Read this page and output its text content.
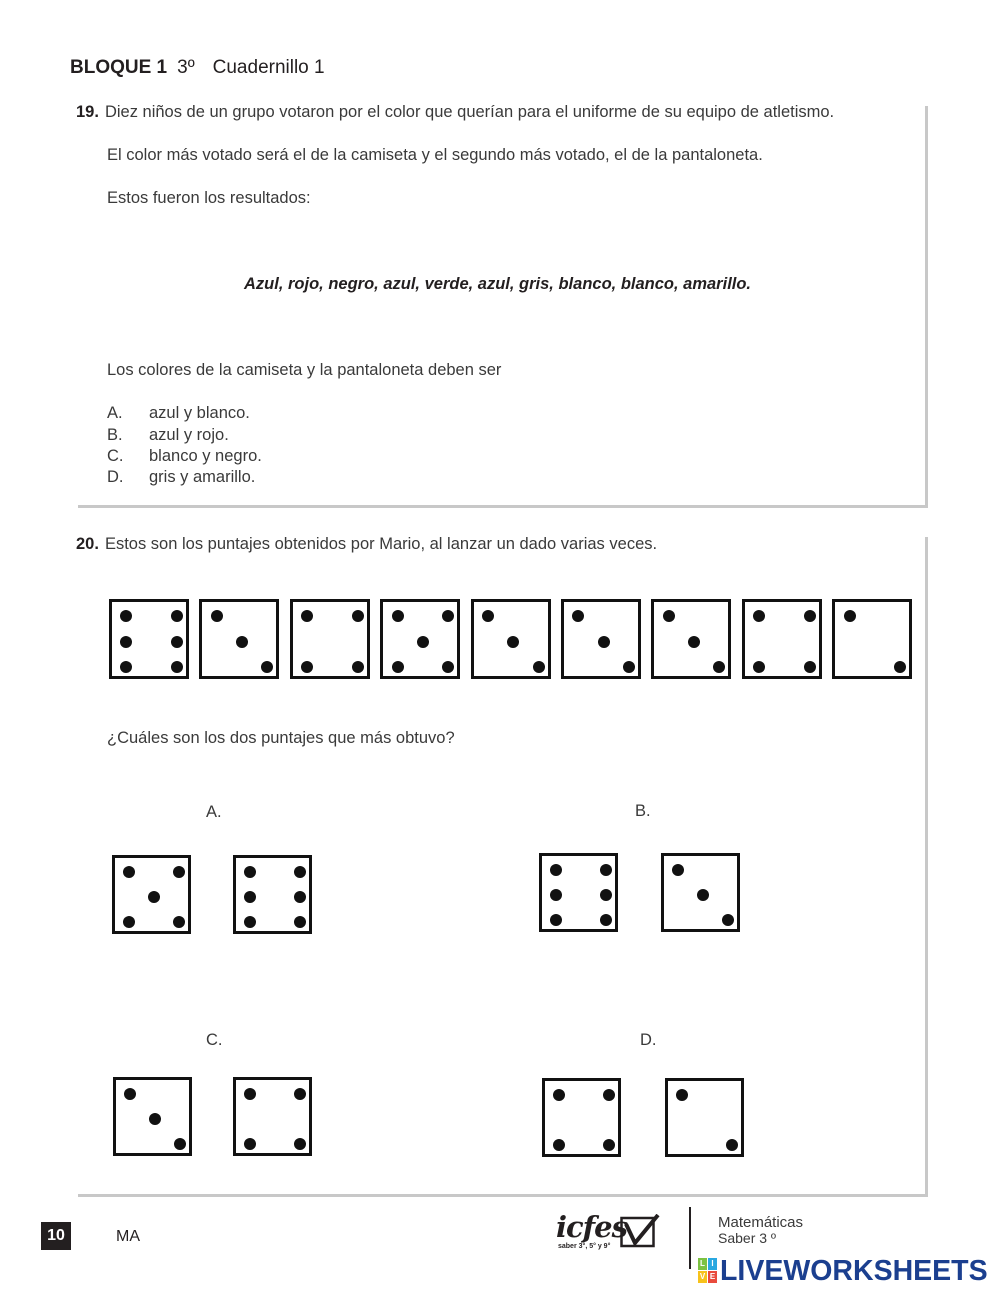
BLOQUE 1 3º Cuadernillo 1
19. Diez niños de un grupo votaron por el color que querían para el uniforme de su equipo de atletismo.
El color más votado será el de la camiseta y el segundo más votado, el de la pantaloneta.
Estos fueron los resultados:
Azul, rojo, negro, azul, verde, azul, gris, blanco, blanco, amarillo.
Los colores de la camiseta y la pantaloneta deben ser
A. azul y blanco.
B. azul y rojo.
C. blanco y negro.
D. gris y amarillo.
20. Estos son los puntajes obtenidos por Mario, al lanzar un dado varias veces.
¿Cuáles son los dos puntajes que más obtuvo?
A.	B.
C.	D.
10	MA	icfes
saber 3°, 5° y 9°
Matemáticas
Saber 3 º
L I
V E LIVEWORKSHEETS
